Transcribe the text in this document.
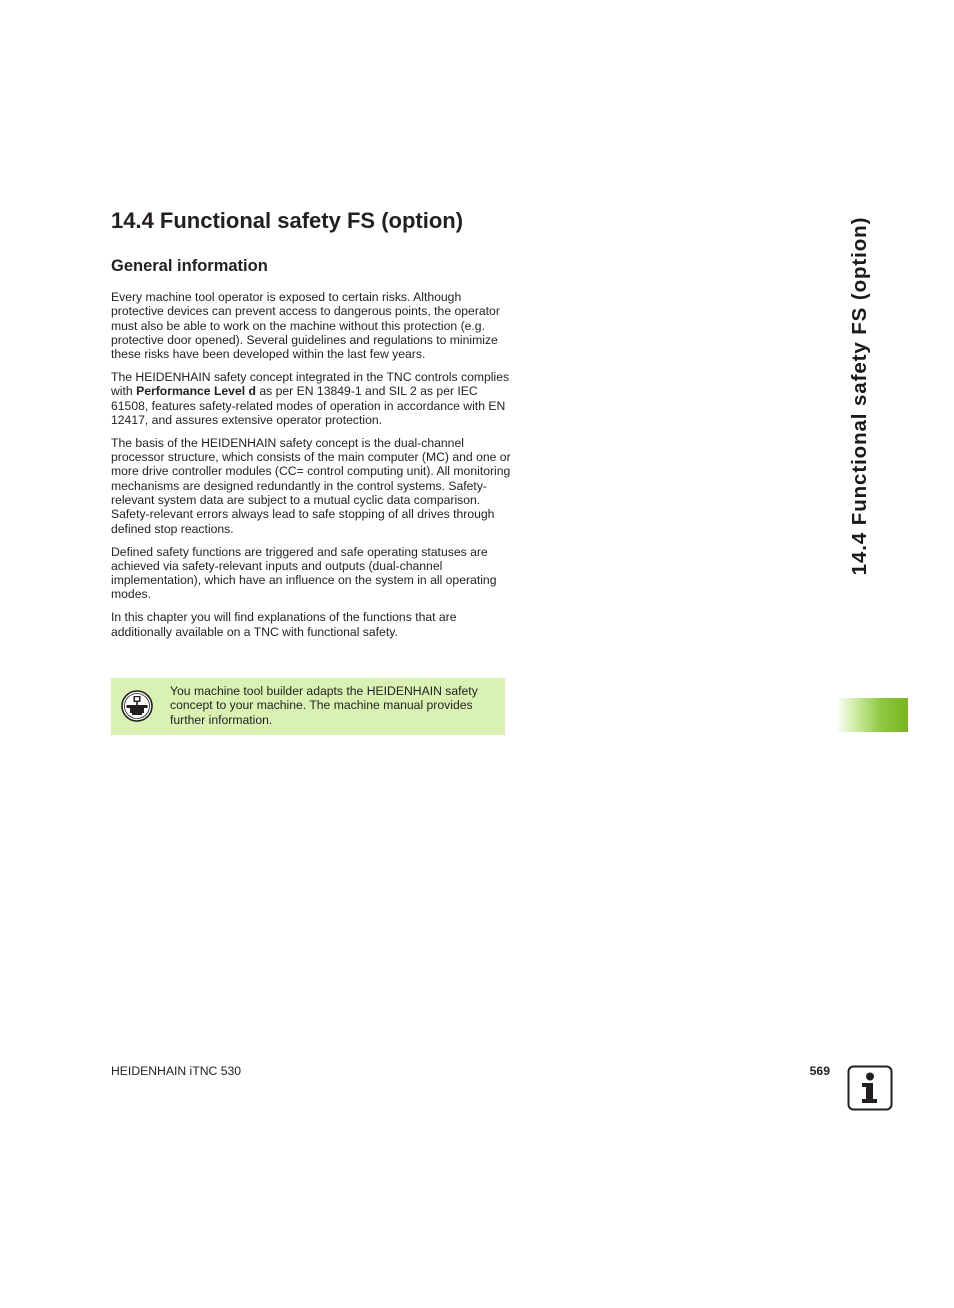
14.4 Functional safety FS (option)
General information

Every machine tool operator is exposed to certain risks. Although protective devices can prevent access to dangerous points, the operator must also be able to work on the machine without this protection (e.g. protective door opened). Several guidelines and regulations to minimize these risks have been developed within the last few years.

The HEIDENHAIN safety concept integrated in the TNC controls complies with Performance Level d as per EN 13849-1 and SIL 2 as per IEC 61508, features safety-related modes of operation in accordance with EN 12417, and assures extensive operator protection.

The basis of the HEIDENHAIN safety concept is the dual-channel processor structure, which consists of the main computer (MC) and one or more drive controller modules (CC= control computing unit). All monitoring mechanisms are designed redundantly in the control systems. Safety-relevant system data are subject to a mutual cyclic data comparison. Safety-relevant errors always lead to safe stopping of all drives through defined stop reactions.

Defined safety functions are triggered and safe operating statuses are achieved via safety-relevant inputs and outputs (dual-channel implementation), which have an influence on the system in all operating modes.

In this chapter you will find explanations of the functions that are additionally available on a TNC with functional safety.

You machine tool builder adapts the HEIDENHAIN safety concept to your machine. The machine manual provides further information.
14.4 Functional safety FS (option)
HEIDENHAIN iTNC 530	569
